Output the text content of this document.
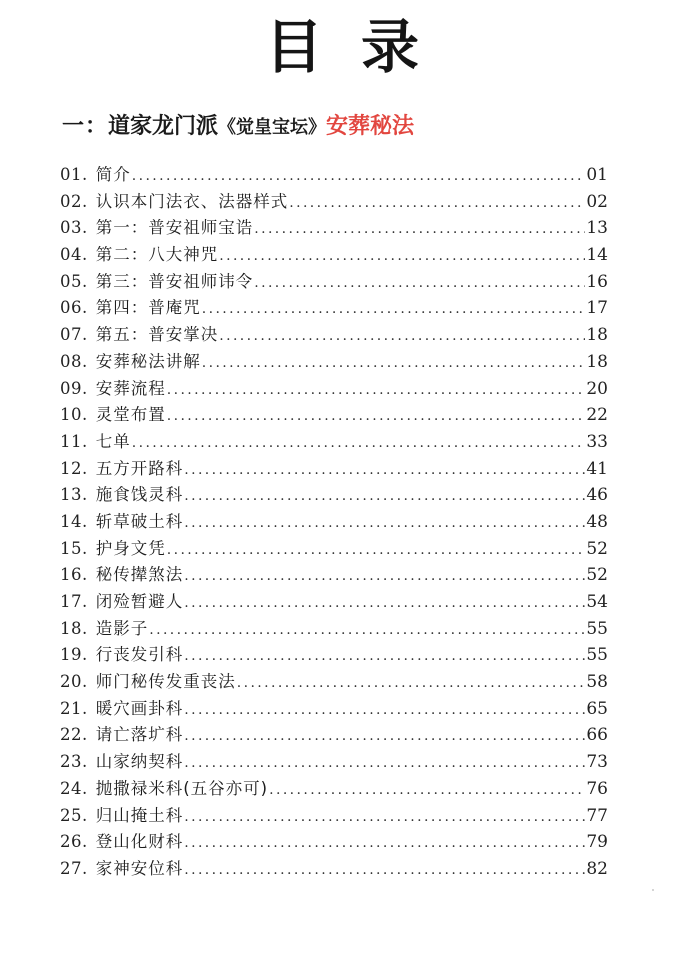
目录
一：道家龙门派《觉皇宝坛》安葬秘法
01. 简介 .....	01
02. 认识本门法衣、法器样式 .....	02
03. 第一：普安祖师宝诰 .....	13
04. 第二：八大神咒 .....	14
05. 第三：普安祖师讳令 .....	16
06. 第四：普庵咒 .....	17
07. 第五：普安掌决 .....	18
08. 安葬秘法讲解 .....	18
09. 安葬流程 .....	20
10. 灵堂布置 .....	22
11. 七单 .....	33
12. 五方开路科 .....	41
13. 施食饯灵科 .....	46
14. 斩草破土科 .....	48
15. 护身文凭 .....	52
16. 秘传撵煞法 .....	52
17. 闭殓暂避人 .....	54
18. 造影子 .....	55
19. 行丧发引科 .....	55
20. 师门秘传发重丧法 .....	58
21. 暖穴画卦科 .....	65
22. 请亡落圹科 .....	66
23. 山家纳契科 .....	73
24. 抛撒禄米科(五谷亦可) .....	76
25. 归山掩土科 .....	77
26. 登山化财科 .....	79
27. 家神安位科 .....	82
